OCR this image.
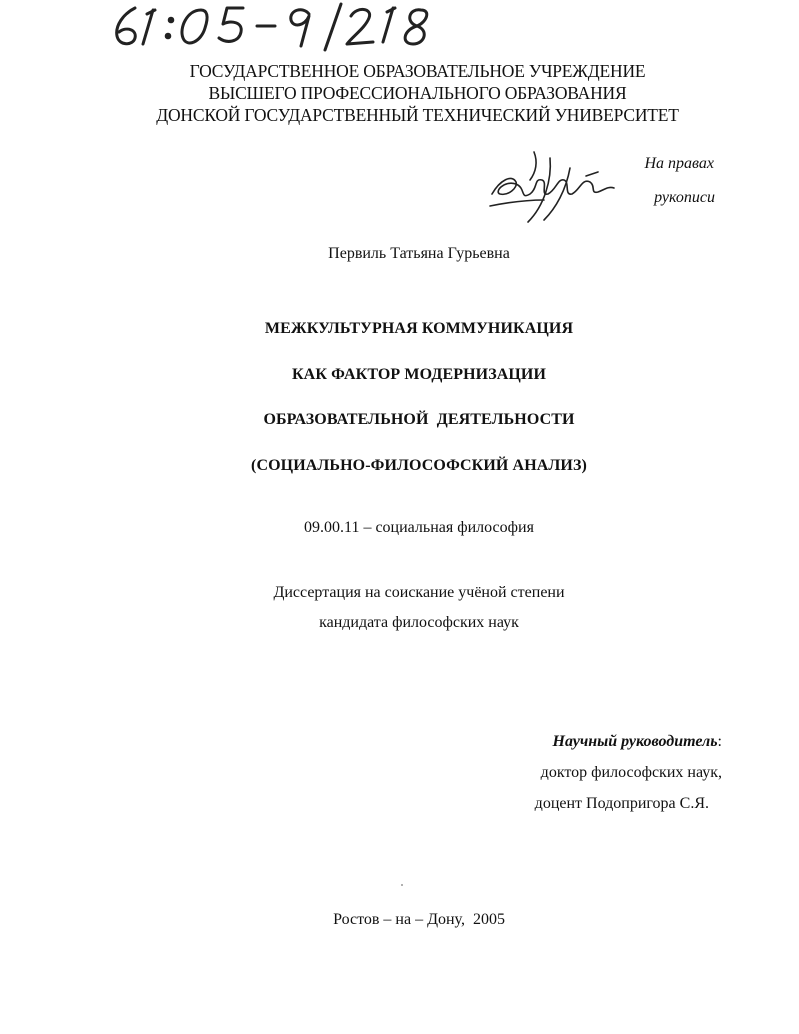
ГОСУДАРСТВЕННОЕ ОБРАЗОВАТЕЛЬНОЕ УЧРЕЖДЕНИЕ
ВЫСШЕГО ПРОФЕССИОНАЛЬНОГО ОБРАЗОВАНИЯ
ДОНСКОЙ ГОСУДАРСТВЕННЫЙ ТЕХНИЧЕСКИЙ УНИВЕРСИТЕТ
На правах
рукописи
Первиль Татьяна Гурьевна
МЕЖКУЛЬТУРНАЯ КОММУНИКАЦИЯ
КАК ФАКТОР МОДЕРНИЗАЦИИ
ОБРАЗОВАТЕЛЬНОЙ  ДЕЯТЕЛЬНОСТИ
(СОЦИАЛЬНО-ФИЛОСОФСКИЙ АНАЛИЗ)
09.00.11 – социальная философия
Диссертация на соискание учёной степени
кандидата философских наук
Научный руководитель:
доктор философских наук,
доцент Подопригора С.Я.
Ростов – на – Дону,  2005
